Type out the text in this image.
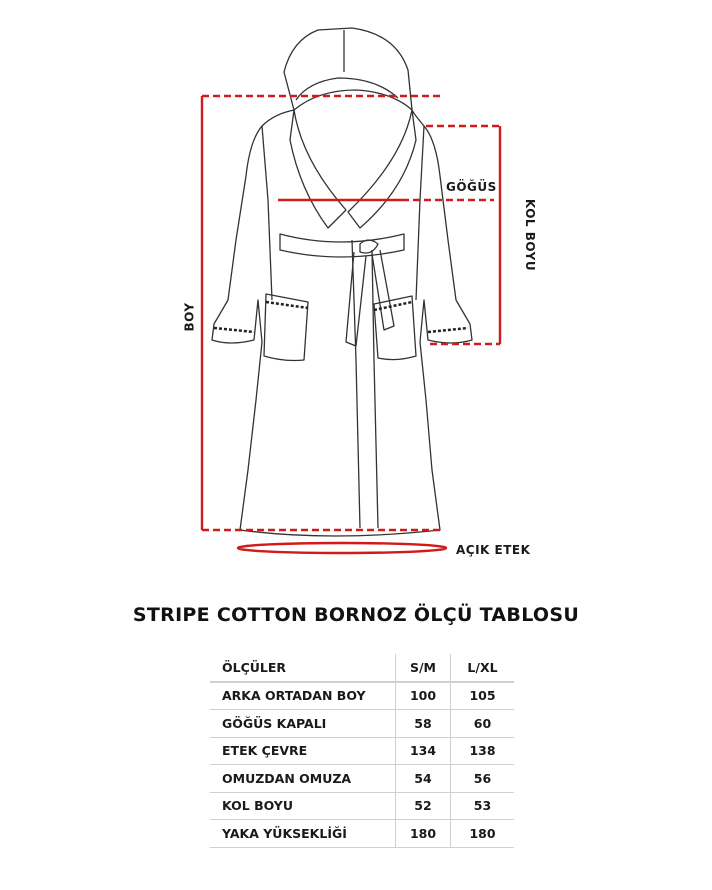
GÖĞÜS
KOL BOYU
BOY
AÇIK ETEK
STRIPE COTTON BORNOZ ÖLÇÜ TABLOSU
ÖLÇÜLER	S/M	L/XL
ARKA ORTADAN BOY	100	105
GÖĞÜS KAPALI	58	60
ETEK ÇEVRE	134	138
OMUZDAN OMUZA	54	56
KOL BOYU	52	53
YAKA YÜKSEKLİĞİ	180	180
